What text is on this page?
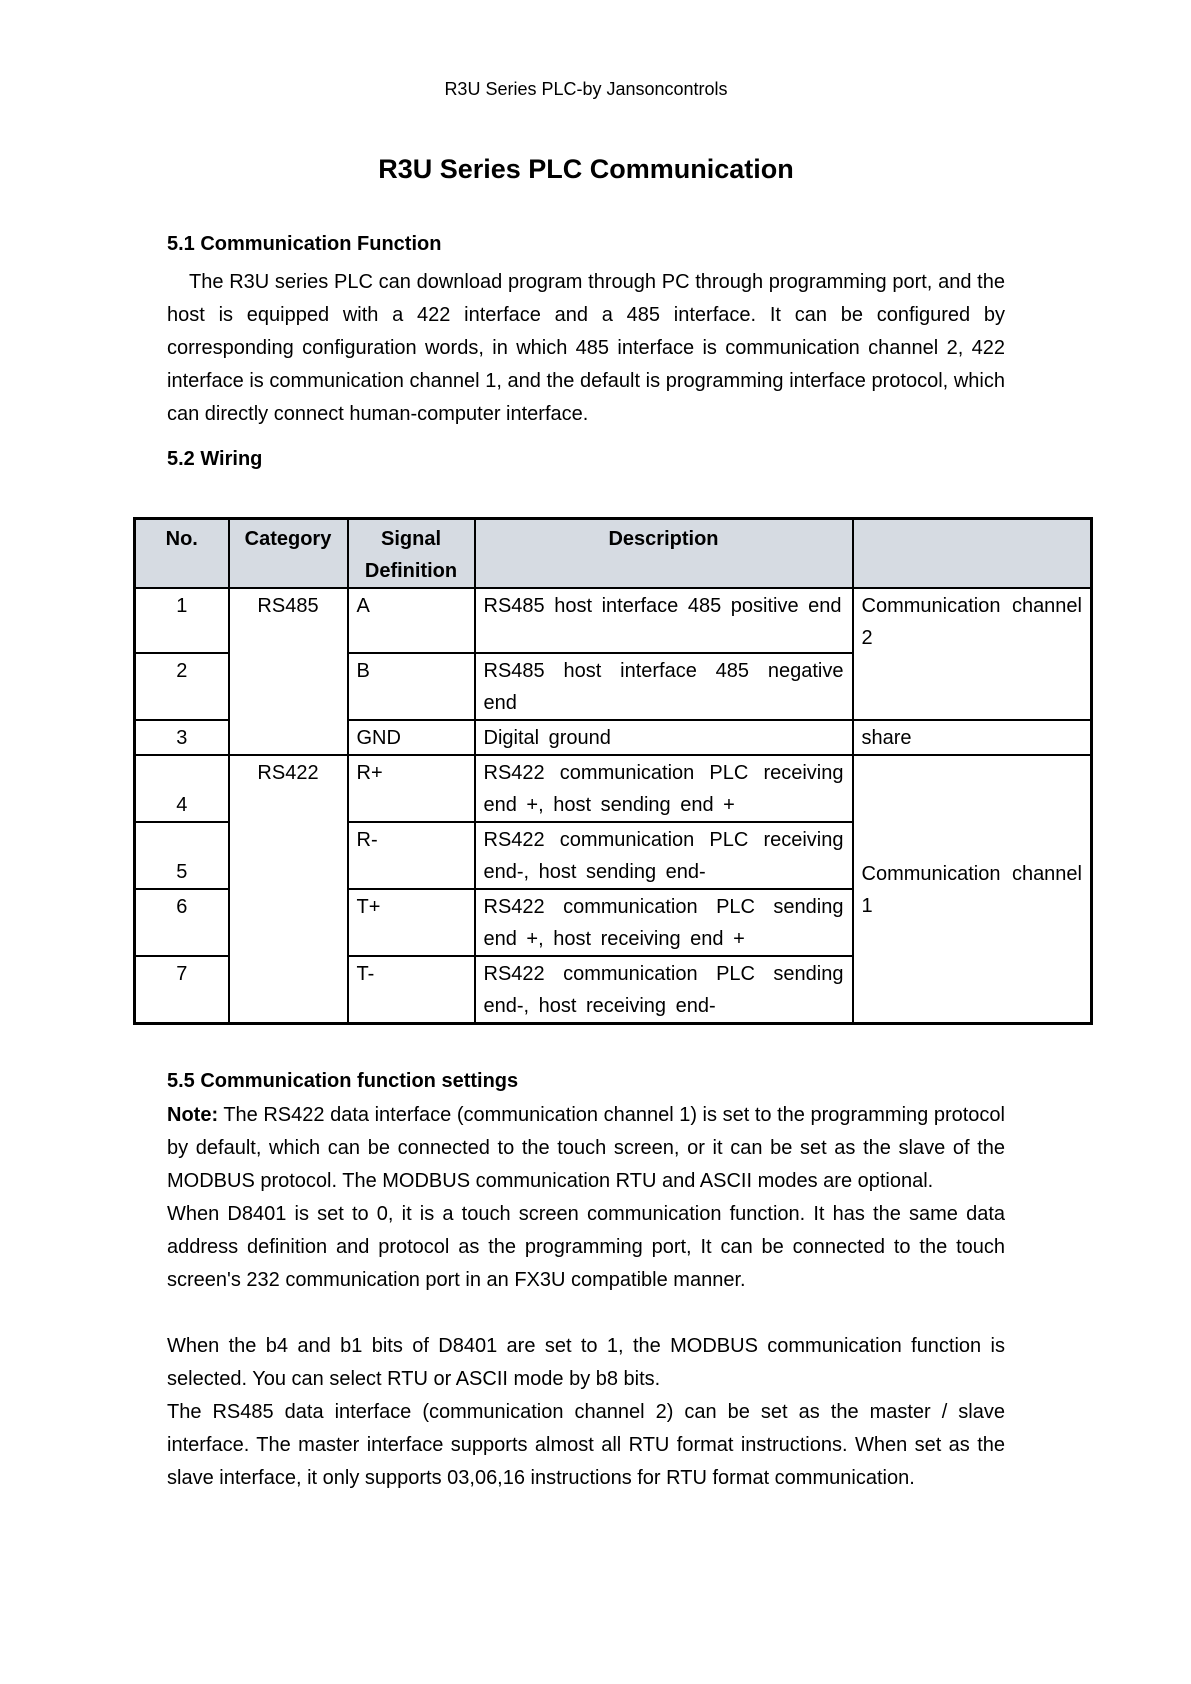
R3U Series PLC-by Jansoncontrols
R3U Series PLC Communication
5.1 Communication Function

The R3U series PLC can download program through PC through programming port, and the host is equipped with a 422 interface and a 485 interface. It can be configured by corresponding configuration words, in which 485 interface is communication channel 2, 422 interface is communication channel 1, and the default is programming interface protocol, which can directly connect human-computer interface.

5.2 Wiring
No.	Category	Signal Definition	Description	
1	RS485	A	RS485 host interface 485 positive end	Communication channel 2
2		B	RS485 host interface 485 negative end	
3		GND	Digital ground	share
4	RS422	R+	RS422 communication PLC receiving end +, host sending end +	Communication channel 1
5		R-	RS422 communication PLC receiving end-, host sending end-	
6		T+	RS422 communication PLC sending end +, host receiving end +	
7		T-	RS422 communication PLC sending end-, host receiving end-	
5.5 Communication function settings

Note: The RS422 data interface (communication channel 1) is set to the programming protocol by default, which can be connected to the touch screen, or it can be set as the slave of the MODBUS protocol. The MODBUS communication RTU and ASCII modes are optional.

When D8401 is set to 0, it is a touch screen communication function. It has the same data address definition and protocol as the programming port, It can be connected to the touch screen's 232 communication port in an FX3U compatible manner.

When the b4 and b1 bits of D8401 are set to 1, the MODBUS communication function is selected. You can select RTU or ASCII mode by b8 bits.

The RS485 data interface (communication channel 2) can be set as the master / slave interface. The master interface supports almost all RTU format instructions. When set as the slave interface, it only supports 03,06,16 instructions for RTU format communication.
